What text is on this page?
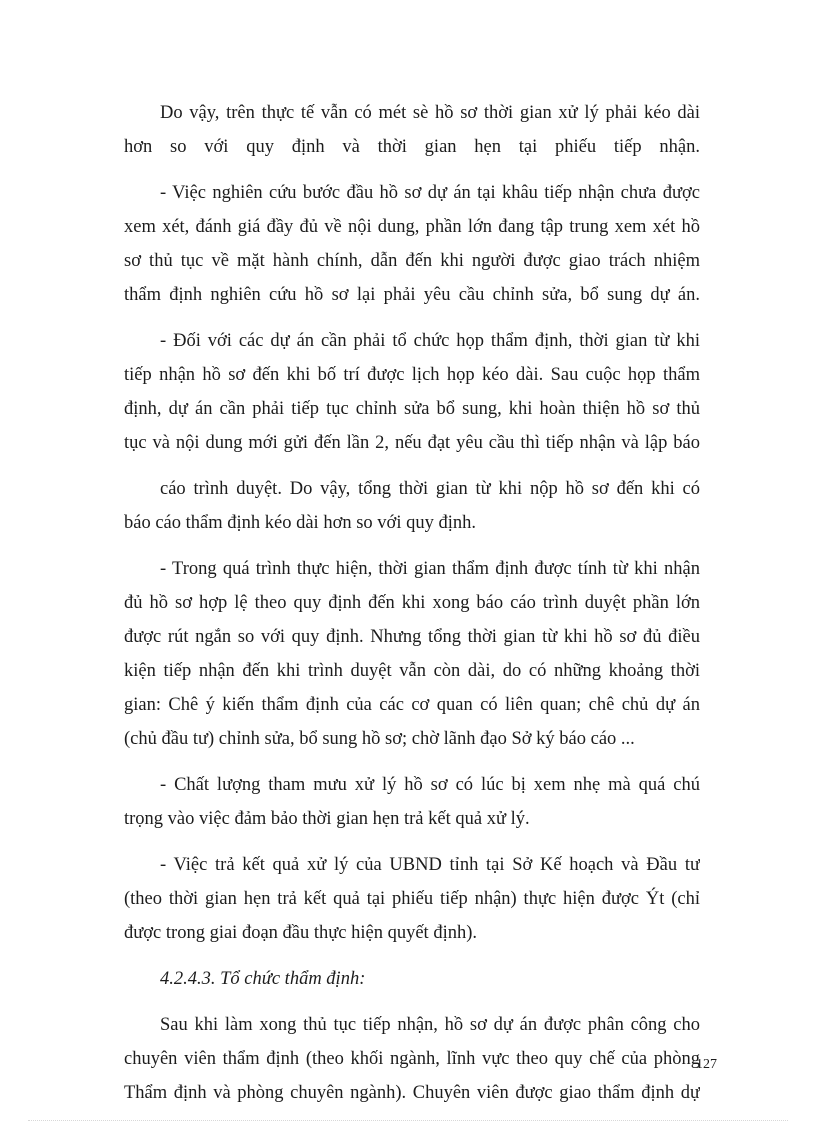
Do vậy, trên thực tế vẫn có mét sè hồ sơ thời gian xử lý phải kéo dài
hơn so với quy định và thời gian hẹn tại phiếu tiếp nhận.
- Việc nghiên cứu bước đầu hồ sơ dự án tại khâu tiếp nhận chưa được
xem xét, đánh giá đầy đủ về nội dung, phần lớn đang tập trung xem xét hồ
sơ thủ tục về mặt hành chính, dẫn đến khi người được giao trách nhiệm
thẩm định nghiên cứu hồ sơ lại phải yêu cầu chỉnh sửa, bổ sung dự án.
- Đối với các dự án cần phải tổ chức họp thẩm định, thời gian từ khi
tiếp nhận hồ sơ đến khi bố trí được lịch họp kéo dài. Sau cuộc họp thẩm
định, dự án cần phải tiếp tục chỉnh sửa bổ sung, khi hoàn thiện hồ sơ thủ
tục và nội dung mới gửi đến lần 2, nếu đạt yêu cầu thì tiếp nhận và lập báo
cáo trình duyệt. Do vậy, tổng thời gian từ khi nộp hồ sơ đến khi có
báo cáo thẩm định kéo dài hơn so với quy định.
- Trong quá trình thực hiện, thời gian thẩm định được tính từ khi nhận
đủ hồ sơ hợp lệ theo quy định đến khi xong báo cáo trình duyệt phần lớn
được rút ngắn so với quy định. Nhưng tổng thời gian từ khi hồ sơ đủ điều
kiện tiếp nhận đến khi trình duyệt vẫn còn dài, do có những khoảng thời
gian: Chê ý kiến thẩm định của các cơ quan có liên quan; chê chủ dự án
(chủ đầu tư) chỉnh sửa, bổ sung hồ sơ; chờ lãnh đạo Sở ký báo cáo ...
- Chất lượng tham mưu xử lý hồ sơ có lúc bị xem nhẹ mà quá chú
trọng vào việc đảm bảo thời gian hẹn trả kết quả xử lý.
- Việc trả kết quả xử lý của UBND tỉnh tại Sở Kế hoạch và Đầu tư
(theo thời gian hẹn trả kết quả tại phiếu tiếp nhận) thực hiện được Ýt (chỉ
được trong giai đoạn đầu thực hiện quyết định).
4.2.4.3. Tổ chức thẩm định:
Sau khi làm xong thủ tục tiếp nhận, hồ sơ dự án được phân công cho
chuyên viên thẩm định (theo khối ngành, lĩnh vực theo quy chế của phòng
Thẩm định và phòng chuyên ngành). Chuyên viên được giao thẩm định dự
127
